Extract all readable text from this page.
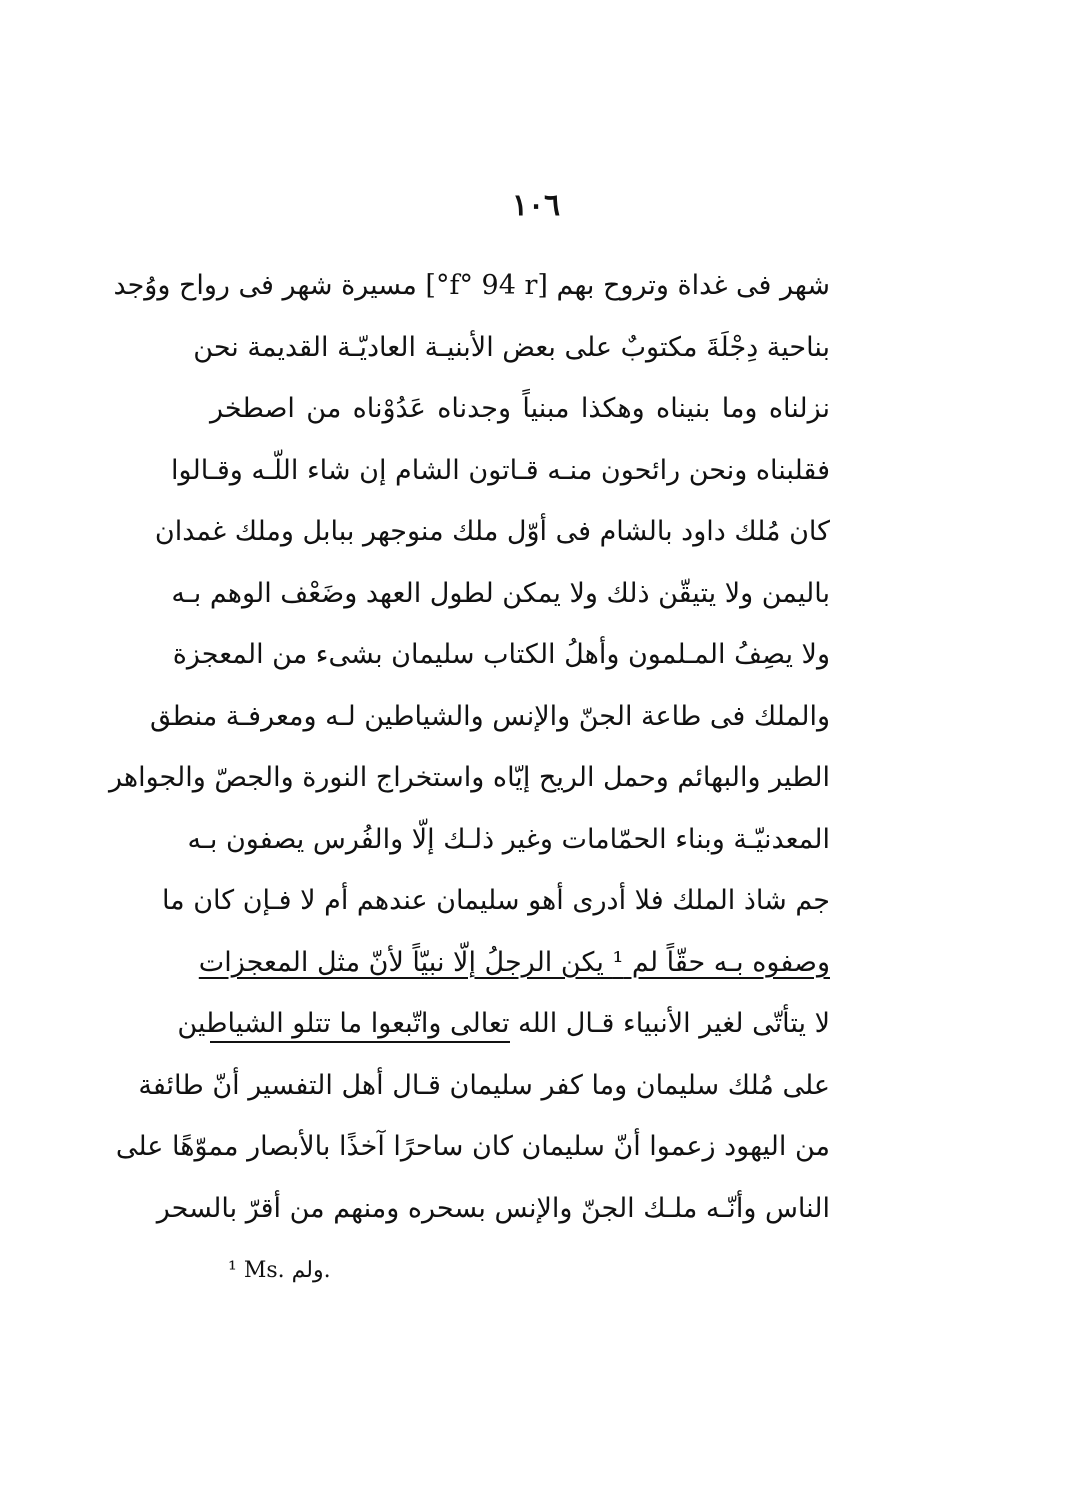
١٠٦
شهر فى غداة وتروح بهم [f° 94 r°] مسيرة شهر فى رواح ووُجد
بناحية دِجْلَةَ مكتوبٌ على بعض الأبنيـة العاديّـة القديمة نحن
نزلناه وما بنيناه وهكذا مبنياً وجدناه عَدُوْناه من اصطخر
فقلبناه ونحن رائحون منـه قـاتون الشام إن شاء اللّـه وقـالوا
كان مُلك داود بالشام فى أوّل ملك منوجهر ببابل وملك غمدان
باليمن ولا يتيقّن ذلك ولا يمكن لطول العهد وضَعْف الوهم بـه
ولا يصِفُ المـلمون وأهلُ الكتاب سليمان بشىء من المعجزة
والملك فى طاعة الجنّ والإنس والشياطين لـه ومعرفـة منطق
الطير والبهائم وحمل الريح إيّاه واستخراج النورة والجصّ والجواهر
المعدنيّـة وبناء الحمّامات وغير ذلـك إلّا والفُرس يصفون بـه
جم شاذ الملك فلا أدرى أهو سليمان عندهم أم لا فـإن كان ما
وصفوه بـه حقّاً لم ¹ يكن الرجلُ إلّا نبيّاً لأنّ مثل المعجزات
لا يتأتّى لغير الأنبياء قـال الله تعالى واتّبعوا ما تتلو الشياطين
على مُلك سليمان وما كفر سليمان قـال أهل التفسير أنّ طائفة
من اليهود زعموا أنّ سليمان كان ساحرًا آخذًا بالأبصار مموّهًا على
الناس وأنّـه ملـك الجنّ والإنس بسحره ومنهم من أقرّ بالسحر
¹ Ms. ولم.
